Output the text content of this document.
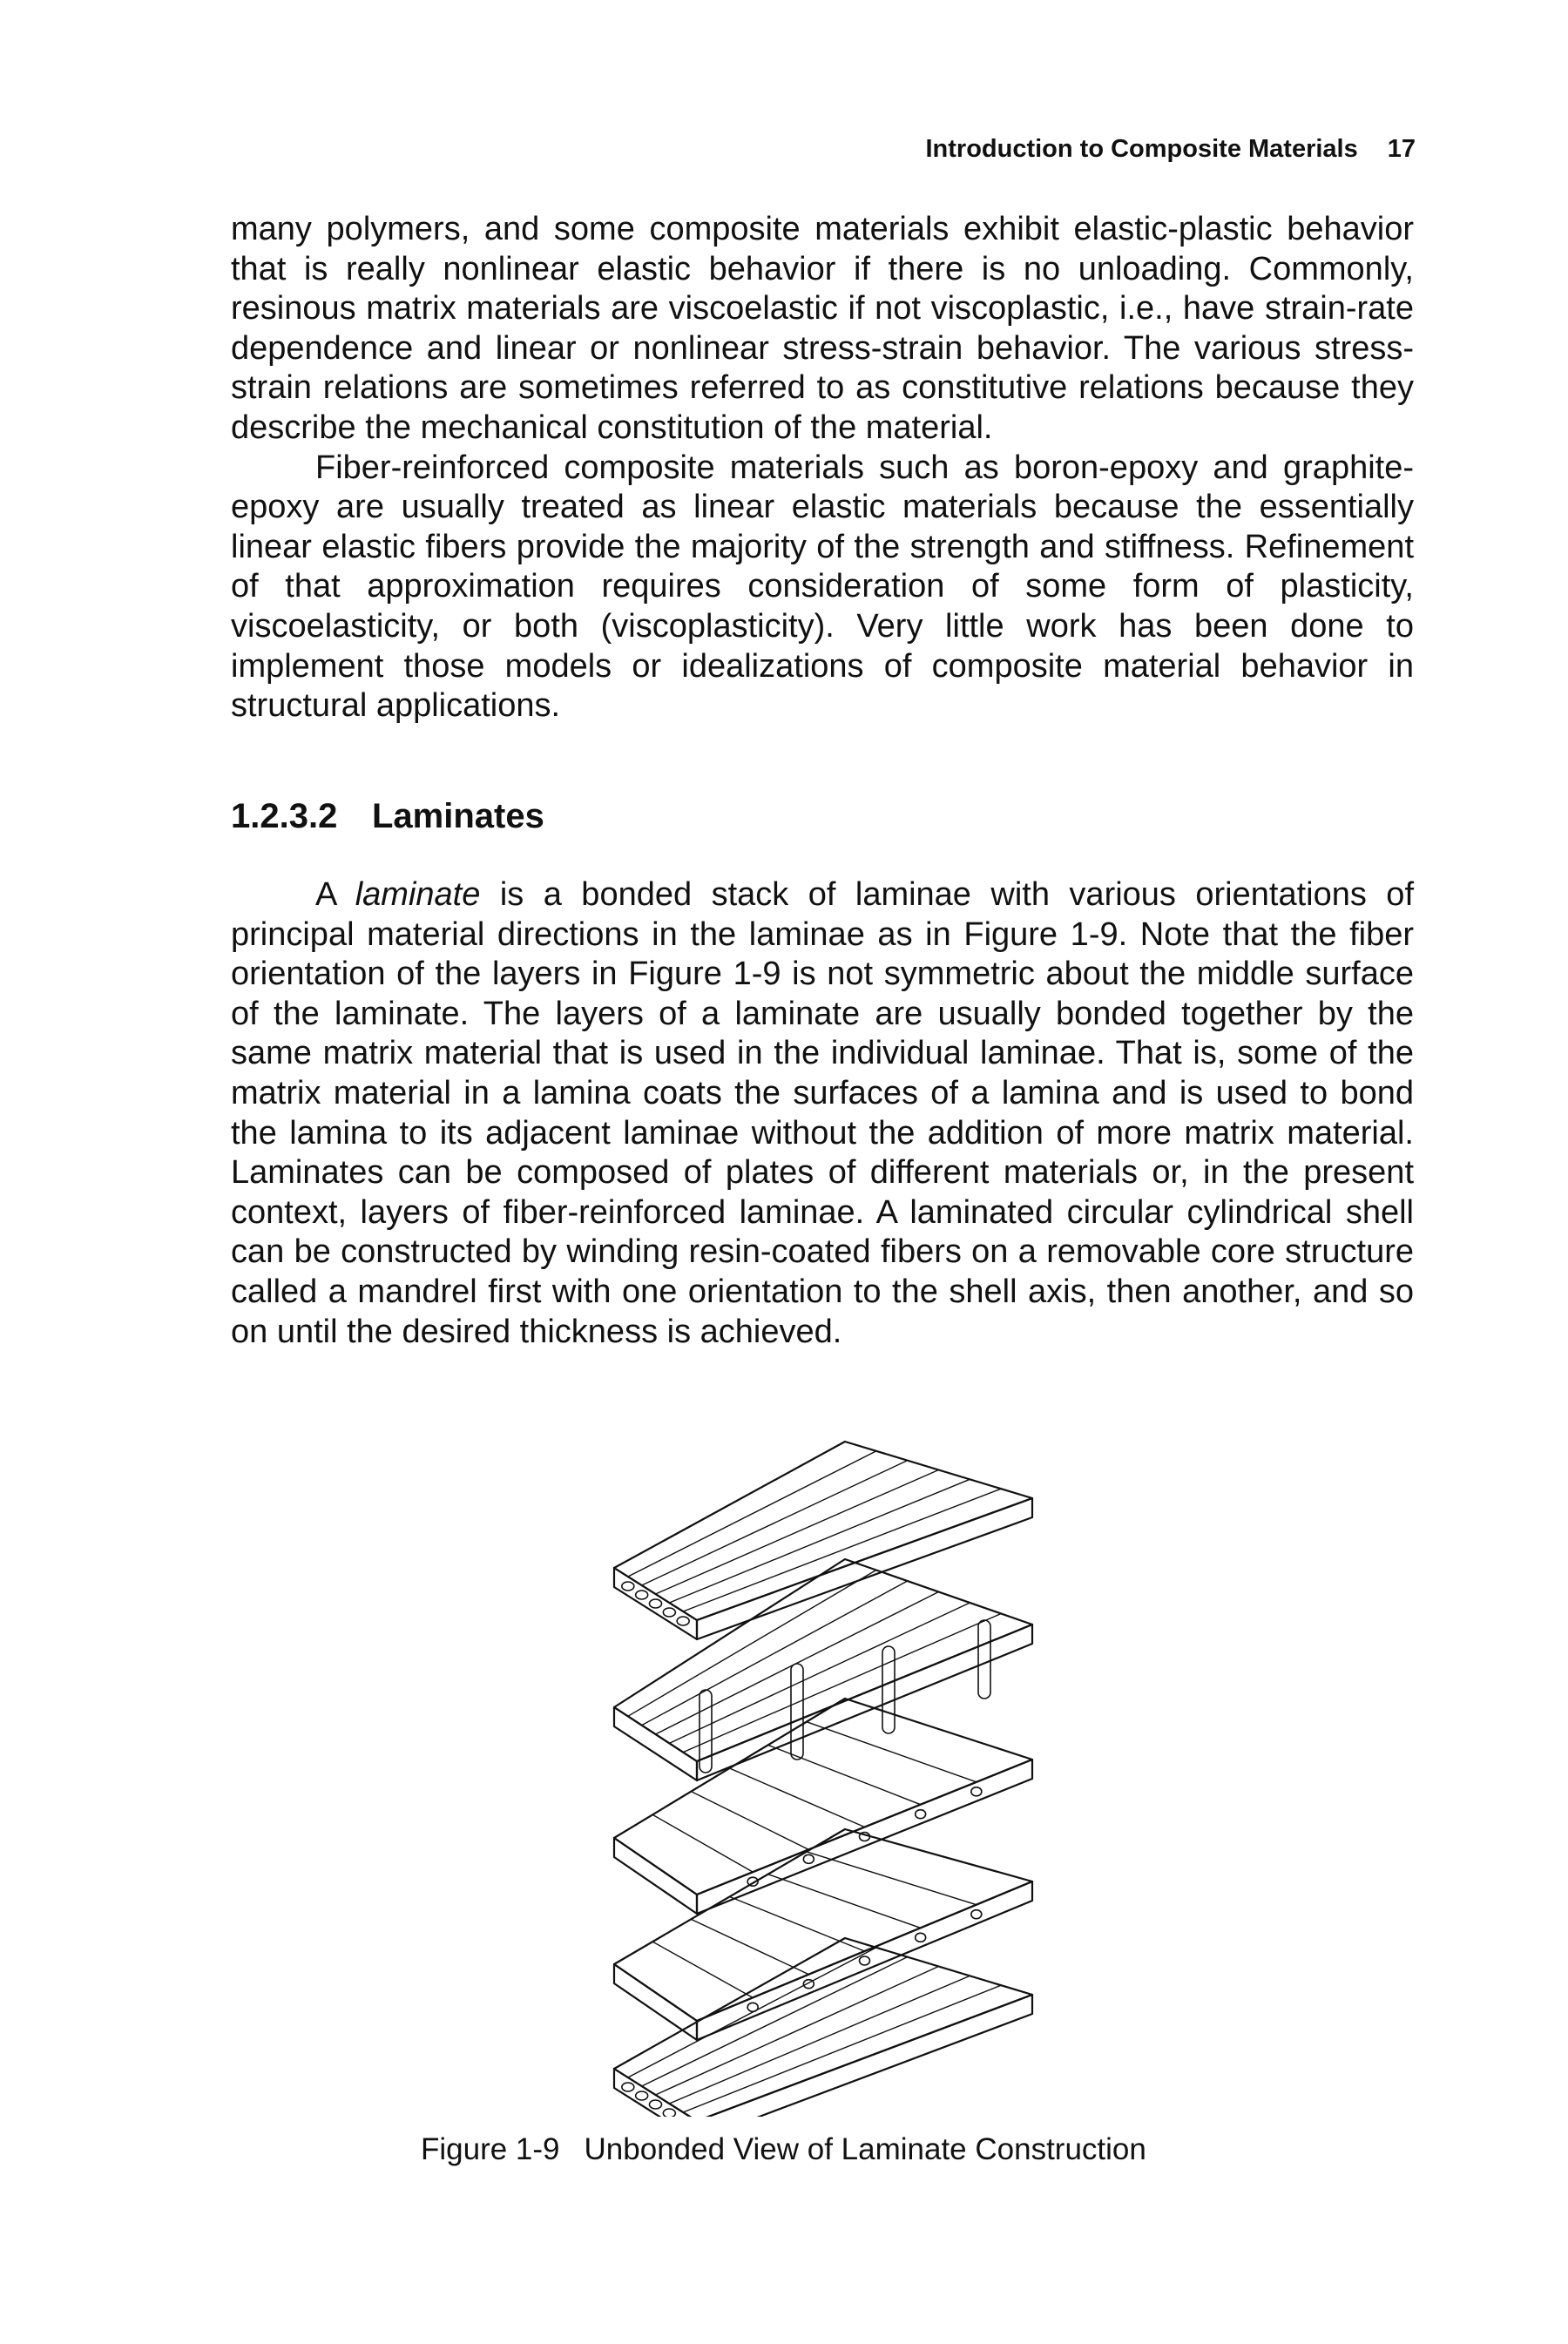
Introduction to Composite Materials 17

many polymers, and some composite materials exhibit elastic-plastic behavior that is really nonlinear elastic behavior if there is no unloading. Commonly, resinous matrix materials are viscoelastic if not viscoplastic, i.e., have strain-rate dependence and linear or nonlinear stress-strain behavior. The various stress-strain relations are sometimes referred to as constitutive relations because they describe the mechanical constitution of the material.

Fiber-reinforced composite materials such as boron-epoxy and graphite-epoxy are usually treated as linear elastic materials because the essentially linear elastic fibers provide the majority of the strength and stiffness. Refinement of that approximation requires consideration of some form of plasticity, viscoelasticity, or both (viscoplasticity). Very little work has been done to implement those models or idealizations of composite material behavior in structural applications.

1.2.3.2 Laminates

A laminate is a bonded stack of laminae with various orientations of principal material directions in the laminae as in Figure 1-9. Note that the fiber orientation of the layers in Figure 1-9 is not symmetric about the middle surface of the laminate. The layers of a laminate are usually bonded together by the same matrix material that is used in the individual laminae. That is, some of the matrix material in a lamina coats the surfaces of a lamina and is used to bond the lamina to its adjacent laminae without the addition of more matrix material. Laminates can be composed of plates of different materials or, in the present context, layers of fiber-reinforced laminae. A laminated circular cylindrical shell can be constructed by winding resin-coated fibers on a removable core structure called a mandrel first with one orientation to the shell axis, then another, and so on until the desired thickness is achieved.

Figure 1-9 Unbonded View of Laminate Construction
